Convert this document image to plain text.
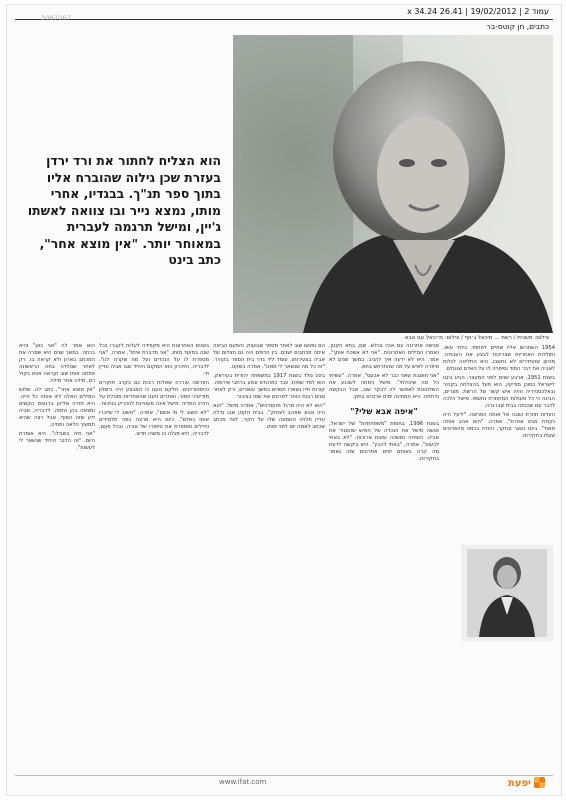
עמוד 2 | 19/02/2012 | 26.41 x 34.24
כתבים, חן קוטס-בר
3087067
צילום: משכית / רשת ... מיכאל ג׳וזף / צילום: מ׳יכאל עם אבא
הוא הצליח לחתור את ורד ירדן בעזרת שכן גילוה שהוברח אליו בתוך ספר תנ"ך. בבגדיו, אחרי מותו, נמצא נייר ובו צוואה לאשתו ג'יין, ומישל תרגמה לעברית במאוחר יותר. "אין מוצא אחר", כתב בינט

1954 השתרשו אליו שתיים לפחות. ביחד עשו, ותולדות האחריות שצריכות לבצע את העבודה. מכיוון שהחדרים לא נחשבו, היא החליטה לגלות לאביה את דבר הסוד וסיפרה לו על האדם שנעלם.

בשנת 1951, ארבע שנים לפני המעצר, הגיע בינט לישראל כסוכן מודיעין. הוא פעל בהצלחה בקהיר ובאלכסנדריה והיה איש קשר של הרשת. מצרים, הבינה כי כל פעולות המחתרת נחשפו. מישל הלכה לדבר עם שכנתה בבית שבו גרה.

העדות חוזרת ושבה אל אותה הפרשה. "ליעל היה נקודת מבט אחרת", אמרה. "הוא אהב אותה מאוד". בינט נעצר ונחקר, והודה בכמה מהפרטים שעלו בחקירתו.

פגישה אחרונה עם אביו בכלא. שם, בתא הקטן, נאמרו המילים האחרונות. "אני לא אשכח אותך", אמר. היא לא ידעה איך להגיב. במשך שנים לא סיפרה לאיש על מה שהתרחש בתא.

"אני חושבת שאני כבר לא אכעס", אמרה. "עשיתי כל מה שיכולתי". מישל ניסתה לשכנע את השלטונות לאפשר לה לבקר שוב, אבל הבקשה נדחתה. היא המתינה ימים ארוכים בחוץ.

"איפה אבא שלי?"

בשנת 1996, בחסות "משפחתיות" של ישראל, פגשה מישל את הנכדה של האיש שהסגיר את אביה. השיחה נמשכה שעות ארוכות. "לא באתי לכעוס", אמרה, "באתי להבין". היא ביקשה לדעת מה קרה באותם ימים אחרונים ומה נאמר בחקירות.

הם נפגשו שוב לאחר מספר שבועות, והפעם הביאה איתה מכתבים ישנים. בין הדפים היה גם תצלום של אביה בצעירותו, עומד ליד גדר בית הספר בקהיר. "זה כל מה שנשאר לי ממנו", אמרה בשקט.

בינט נולד בשנת 1917 במשפחה יהודית בעיראק. הוא למד שפות, עבד כמהנדס ונסע ברחבי אירופה. קורות חייו נשארו חסויים במשך עשורים, ורק לאחר שנים רבות הותר לפרסם את שמו בציבור.

"הוא לא היה מרגל מהסרטים", אמרה מישל. "הוא היה אבא שאהב לצחוק". בבית הקטן שבו גדלה עדיין תלויה התמונה שלו על הקיר, לצד מכתב שכתב לאמה יום לפני מותו.

בשנים האחרונות היא מקפידה לעלות לקברו בכל שנה במועד מותו. "אני מדברת איתו", אמרה. "אני מספרת לו על הנכדים ועל מה שקרה לנו". לדבריה, הזיכרון הוא המקום היחיד שבו אביה עדיין חי.

הפרשה עוררה שאלות רבות גם בקרב חוקרים והיסטוריונים. חלקם טענו כי המבצע היה כישלון מודיעיני חמור, ואחרים טענו שהאחריות מוטלת על הדרג המדיני. מישל אינה מעוניינת להכריע בוויכוח.

"לא חשוב לי מי אשם", אמרה. "חשוב לי שיזכרו אותו כאדם". כיום היא מרצה בפני תלמידים וחיילים ומספרת את סיפורו של אביה, ובכל פעם, לדבריה, היא מגלה בו משהו חדש.

הוא אמר לה "אני כאן" והיא בכתה. במשך שנים היא שמרה את המכתב בארון ולא קראה בו. רק לאחר שנולדה בתה הראשונה פתחה אותו שוב וקראה אותו בקול רם, מילה אחר מילה.

"אין מוצא אחר", כתב לה. שלוש המילים האלה ליוו אותה כל חייה. היא חזרה אליהן ברגעים הקשים ומצאה בהן נחמה. לדבריה, אביה ידע שזה הסוף, אבל רצה שהיא תמשיך הלאה ותחיה.

"אני חיה בשבילו", היא אומרת היום. "זה הדבר היחיד שנשאר לי לעשות".

www.ifat.com	יפעת
